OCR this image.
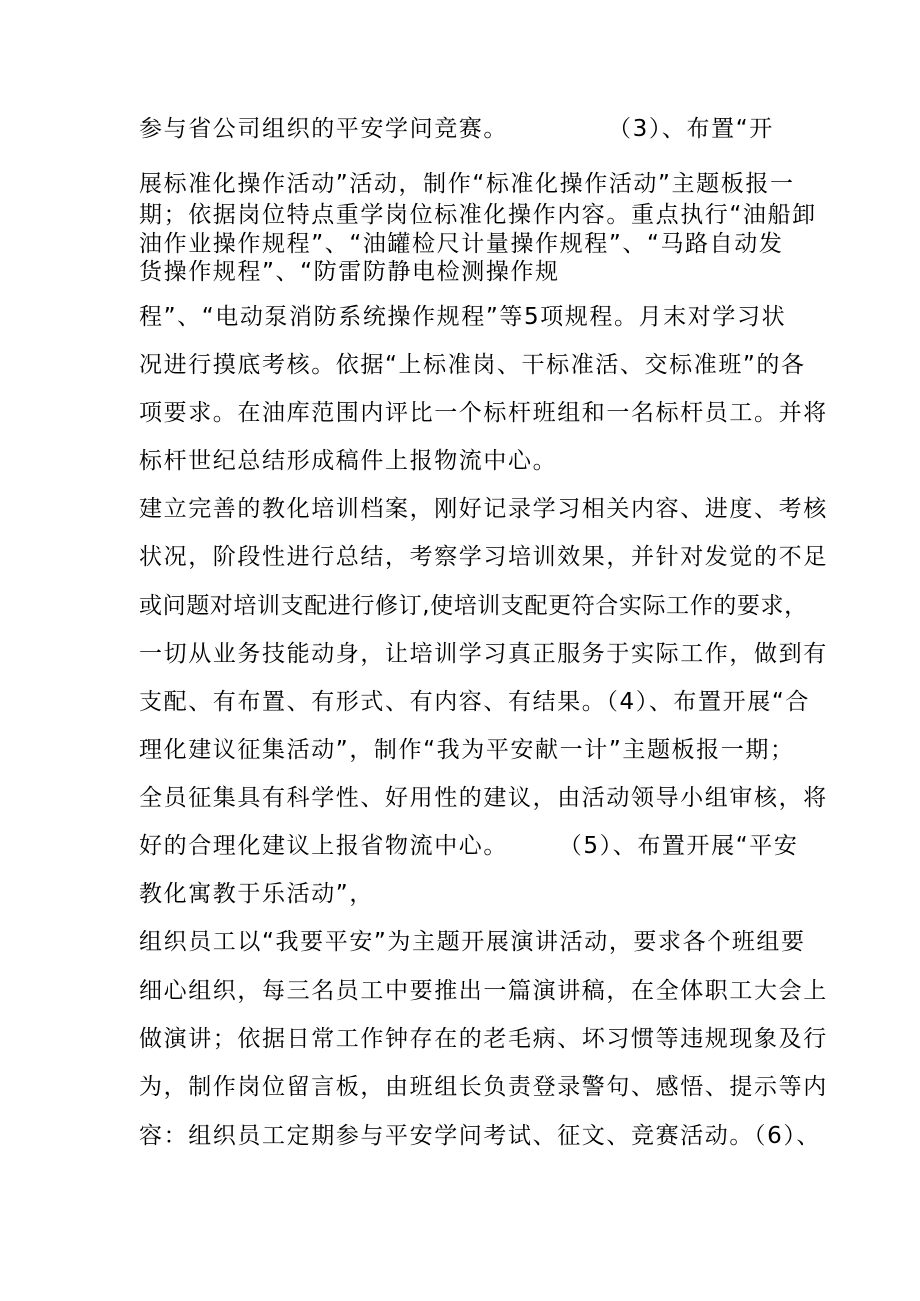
参与省公司组织的平安学问竞赛。　　　　　（3）、布置“开

展标准化操作活动”活动，制作“标准化操作活动”主题板报一

期；依据岗位特点重学岗位标准化操作内容。重点执行“油船卸

油作业操作规程”、“油罐检尺计量操作规程”、“马路自动发

货操作规程”、“防雷防静电检测操作规

程”、“电动泵消防系统操作规程”等5项规程。月末对学习状

况进行摸底考核。依据“上标准岗、干标准活、交标准班”的各

项要求。在油库范围内评比一个标杆班组和一名标杆员工。并将

标杆世纪总结形成稿件上报物流中心。

建立完善的教化培训档案，刚好记录学习相关内容、进度、考核

状况，阶段性进行总结，考察学习培训效果，并针对发觉的不足

或问题对培训支配进行修订,使培训支配更符合实际工作的要求，

一切从业务技能动身，让培训学习真正服务于实际工作，做到有

支配、有布置、有形式、有内容、有结果。（4）、布置开展“合

理化建议征集活动”，制作“我为平安献一计”主题板报一期；

全员征集具有科学性、好用性的建议，由活动领导小组审核，将

好的合理化建议上报省物流中心。　　　（5）、布置开展“平安

教化寓教于乐活动”，

组织员工以“我要平安”为主题开展演讲活动，要求各个班组要

细心组织，每三名员工中要推出一篇演讲稿，在全体职工大会上

做演讲；依据日常工作钟存在的老毛病、坏习惯等违规现象及行

为，制作岗位留言板，由班组长负责登录警句、感悟、提示等内

容：组织员工定期参与平安学问考试、征文、竞赛活动。（6）、
